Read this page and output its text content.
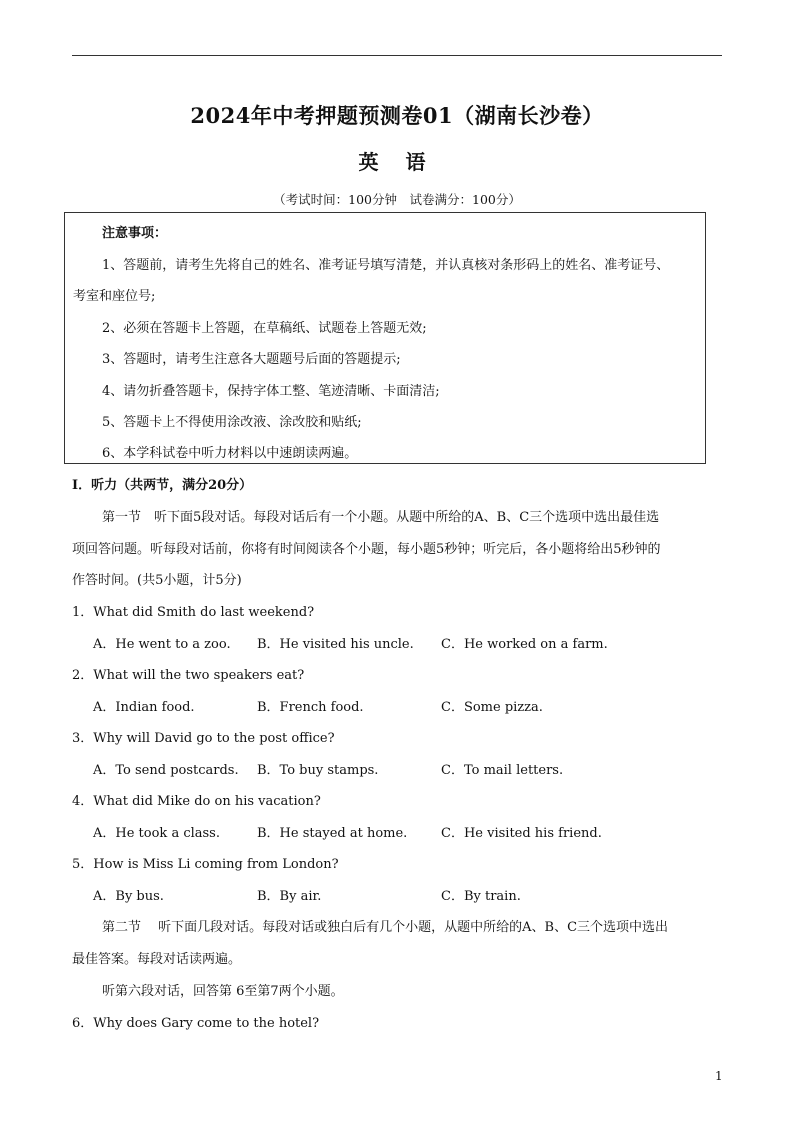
2024年中考押题预测卷01（湖南长沙卷）
英 语
（考试时间：100分钟　试卷满分：100分）
注意事项：
1、答题前，请考生先将自己的姓名、准考证号填写清楚，并认真核对条形码上的姓名、准考证号、
考室和座位号;
2、必须在答题卡上答题，在草稿纸、试题卷上答题无效;
3、答题时，请考生注意各大题题号后面的答题提示;
4、请勿折叠答题卡，保持字体工整、笔迹清晰、卡面清洁;
5、答题卡上不得使用涂改液、涂改胶和贴纸;
6、本学科试卷中听力材料以中速朗读两遍。
I．听力（共两节，满分20分）
第一节　听下面5段对话。每段对话后有一个小题。从题中所给的A、B、C三个选项中选出最佳选
项回答问题。听每段对话前，你将有时间阅读各个小题，每小题5秒钟；听完后，各小题将给出5秒钟的
作答时间。(共5小题，计5分)
1．What did Smith do last weekend?
A．He went to a zoo. B．He visited his uncle. C．He worked on a farm.
2．What will the two speakers eat?
A．Indian food.	B．French food.	C．Some pizza.
3．Why will David go to the post office?
A．To send postcards. B．To buy stamps.	C．To mail letters.
4．What did Mike do on his vacation?
A．He took a class.	B．He stayed at home.	C．He visited his friend.
5．How is Miss Li coming from London?
A．By bus.	B．By air.	C．By train.
第二节　 听下面几段对话。每段对话或独白后有几个小题，从题中所给的A、B、C三个选项中选出
最佳答案。每段对话读两遍。
听第六段对话，回答第 6至第7两个小题。
6．Why does Gary come to the hotel?
1
